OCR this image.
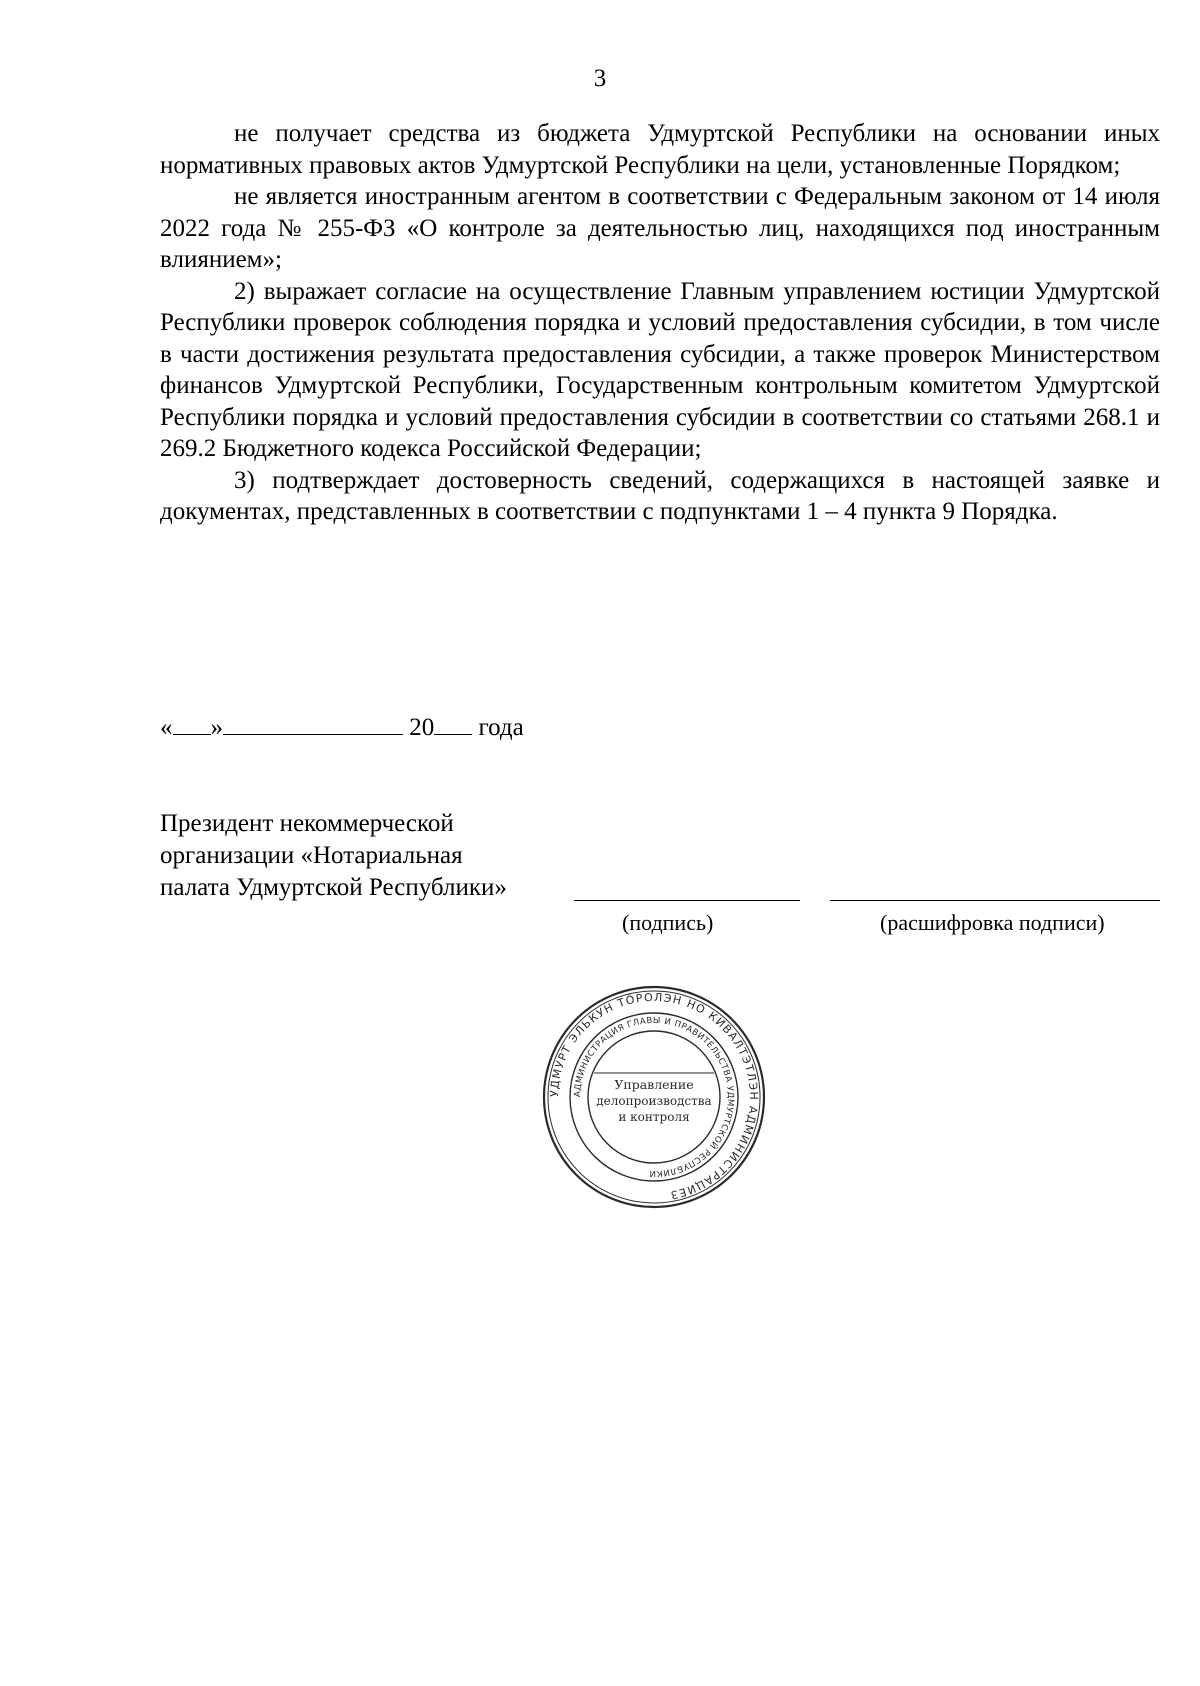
3

не получает средства из бюджета Удмуртской Республики на основании иных нормативных правовых актов Удмуртской Республики на цели, установленные Порядком;

не является иностранным агентом в соответствии с Федеральным законом от 14 июля 2022 года № 255-ФЗ «О контроле за деятельностью лиц, находящихся под иностранным влиянием»;

2) выражает согласие на осуществление Главным управлением юстиции Удмуртской Республики проверок соблюдения порядка и условий предоставления субсидии, в том числе в части достижения результата предоставления субсидии, а также проверок Министерством финансов Удмуртской Республики, Государственным контрольным комитетом Удмуртской Республики порядка и условий предоставления субсидии в соответствии со статьями 268.1 и 269.2 Бюджетного кодекса Российской Федерации;

3) подтверждает достоверность сведений, содержащихся в настоящей заявке и документах, представленных в соответствии с подпунктами 1 – 4 пункта 9 Порядка.

« »	20 года
Президент некоммерческой
организации «Нотариальная
палата Удмуртской Республики»
(подпись)	(расшифровка подписи)
УДМУРТ ЭЛЬКУН ТӦРОЛЭН НО КИВАЛТЭТЛЭН АДМИНИСТРАЦИЕЗ
АДМИНИСТРАЦИЯ ГЛАВЫ И ПРАВИТЕЛЬСТВА УДМУРТСКОЙ РЕСПУБЛИКИ
Управление
делопроизводства
и контроля
